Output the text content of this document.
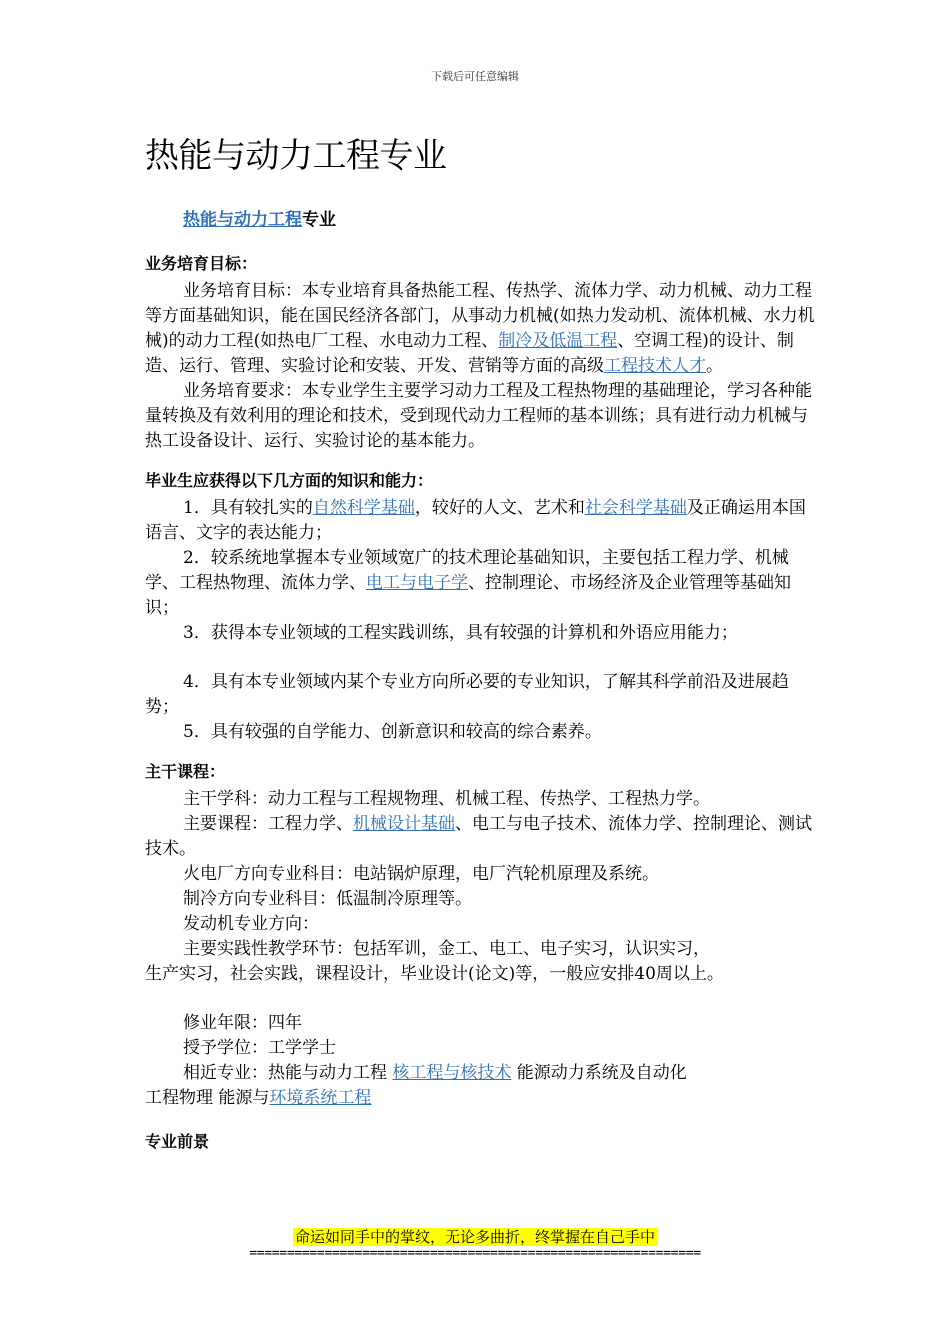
下载后可任意编辑
热能与动力工程专业
热能与动力工程专业
业务培育目标：

业务培育目标：本专业培育具备热能工程、传热学、流体力学、动力机械、动力工程等方面基础知识，能在国民经济各部门，从事动力机械(如热力发动机、流体机械、水力机械)的动力工程(如热电厂工程、水电动力工程、制冷及低温工程、空调工程)的设计、制造、运行、管理、实验讨论和安装、开发、营销等方面的高级工程技术人才。

业务培育要求：本专业学生主要学习动力工程及工程热物理的基础理论，学习各种能量转换及有效利用的理论和技术，受到现代动力工程师的基本训练；具有进行动力机械与热工设备设计、运行、实验讨论的基本能力。

毕业生应获得以下几方面的知识和能力：

1．具有较扎实的自然科学基础，较好的人文、艺术和社会科学基础及正确运用本国语言、文字的表达能力；

2．较系统地掌握本专业领域宽广的技术理论基础知识，主要包括工程力学、机械学、工程热物理、流体力学、电工与电子学、控制理论、市场经济及企业管理等基础知识；

3．获得本专业领域的工程实践训练，具有较强的计算机和外语应用能力；

4．具有本专业领域内某个专业方向所必要的专业知识，了解其科学前沿及进展趋势；

5．具有较强的自学能力、创新意识和较高的综合素养。

主干课程：

主干学科：动力工程与工程规物理、机械工程、传热学、工程热力学。

主要课程：工程力学、机械设计基础、电工与电子技术、流体力学、控制理论、测试技术。

火电厂方向专业科目：电站锅炉原理，电厂汽轮机原理及系统。

制冷方向专业科目：低温制冷原理等。

发动机专业方向：

主要实践性教学环节：包括军训，金工、电工、电子实习，认识实习，

生产实习，社会实践，课程设计，毕业设计(论文)等，一般应安排40周以上。

修业年限：四年

授予学位：工学学士

相近专业：热能与动力工程 核工程与核技术 能源动力系统及自动化

工程物理 能源与环境系统工程

专业前景
命运如同手中的掌纹，无论多曲折，终掌握在自己手中
============================================================
